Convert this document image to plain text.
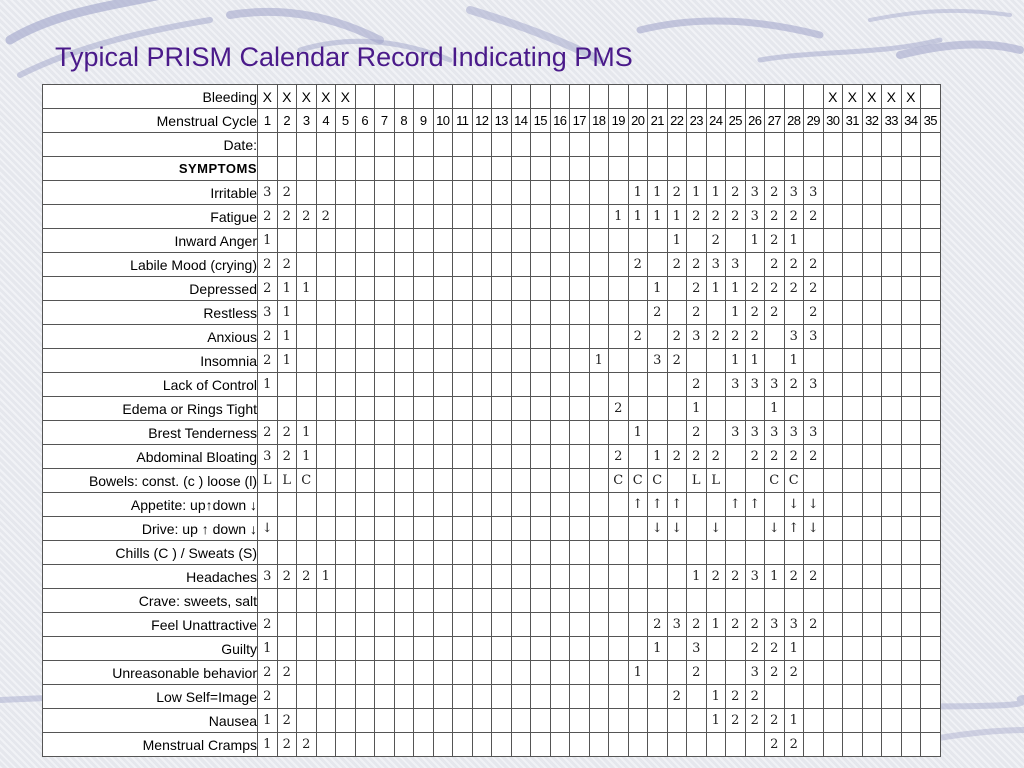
Typical PRISM Calendar Record Indicating PMS
Bleeding	X	X	X	X	X																									X	X	X	X	X	
Menstrual Cycle	1	2	3	4	5	6	7	8	9	10	11	12	13	14	15	16	17	18	19	20	21	22	23	24	25	26	27	28	29	30	31	32	33	34	35
Date:																																			
SYMPTOMS																																			
Irritable	3	2																		1	1	2	1	1	2	3	2	3	3						
Fatigue	2	2	2	2															1	1	1	1	2	2	2	3	2	2	2						
Inward Anger	1																					1		2		1	2	1							
Labile Mood (crying)	2	2																		2		2	2	3	3		2	2	2						
Depressed	2	1	1																		1		2	1	1	2	2	2	2						
Restless	3	1																			2		2		1	2	2		2						
Anxious	2	1																		2		2	3	2	2	2		3	3						
Insomnia	2	1																1			3	2			1	1		1							
Lack of Control	1																						2		3	3	3	2	3						
Edema or Rings Tight																			2				1				1								
Brest Tenderness	2	2	1																	1			2		3	3	3	3	3						
Abdominal Bloating	3	2	1																2		1	2	2	2		2	2	2	2						
Bowels: const. (c ) loose (l)	L	L	C																C	C	C		L	L			C	C							
Appetite: up↑down ↓																				↑	↑	↑			↑	↑		↓	↓						
Drive: up ↑ down ↓	↓																				↓	↓		↓			↓	↑	↓						
Chills (C ) / Sweats (S)																																			
Headaches	3	2	2	1																			1	2	2	3	1	2	2						
Crave: sweets, salt																																			
Feel Unattractive	2																				2	3	2	1	2	2	3	3	2						
Guilty	1																				1		3			2	2	1							
Unreasonable behavior	2	2																		1			2			3	2	2							
Low Self=Image	2																					2		1	2	2									
Nausea	1	2																						1	2	2	2	1							
Menstrual Cramps	1	2	2																								2	2							
